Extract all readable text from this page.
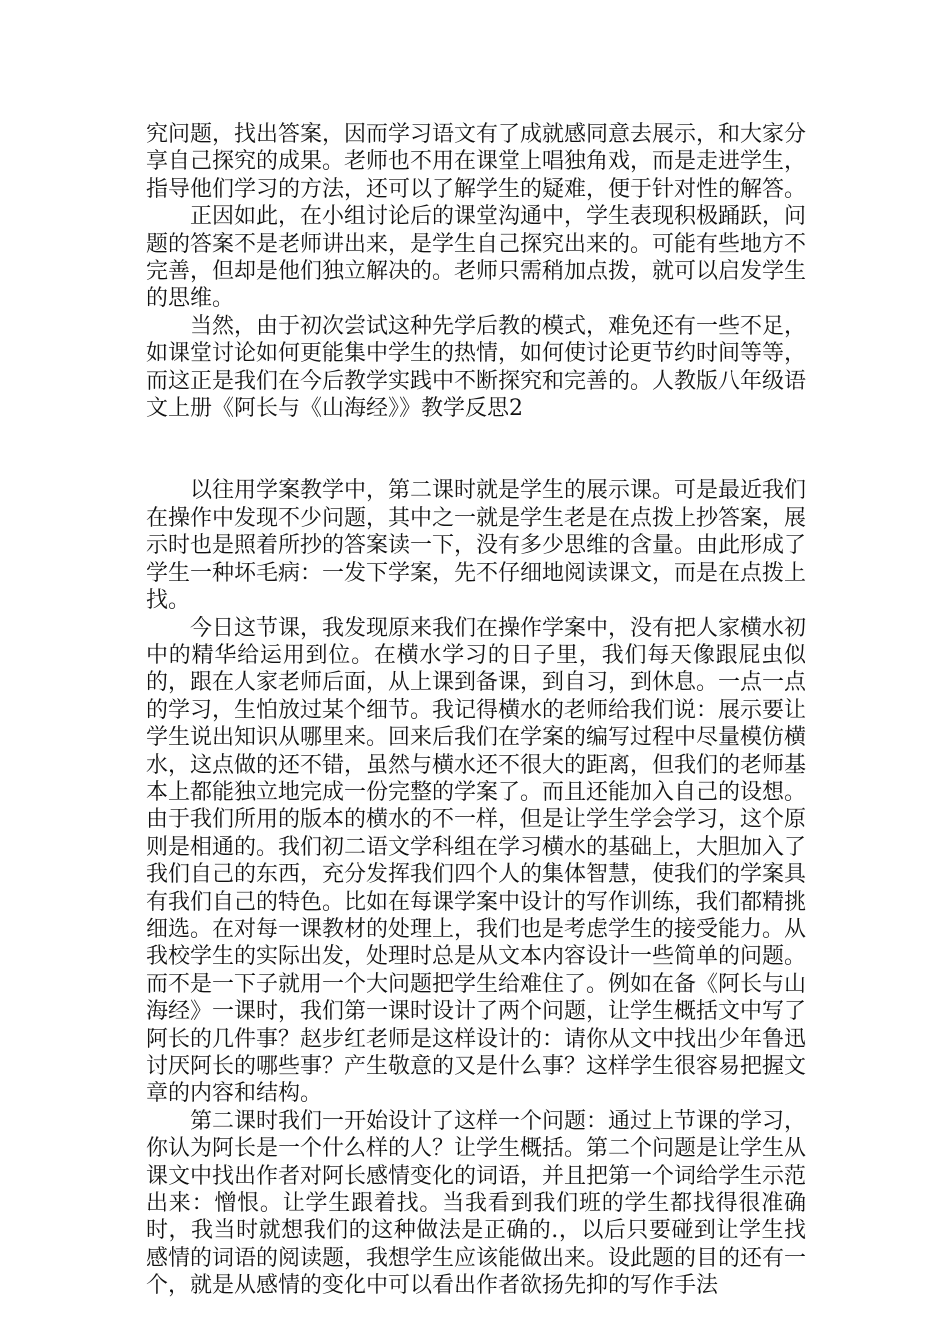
究问题，找出答案，因而学习语文有了成就感同意去展示，和大家分享自己探究的成果。老师也不用在课堂上唱独角戏，而是走进学生，指导他们学习的方法，还可以了解学生的疑难，便于针对性的解答。

正因如此，在小组讨论后的课堂沟通中，学生表现积极踊跃，问题的答案不是老师讲出来，是学生自己探究出来的。可能有些地方不完善，但却是他们独立解决的。老师只需稍加点拨，就可以启发学生的思维。

当然，由于初次尝试这种先学后教的模式，难免还有一些不足，如课堂讨论如何更能集中学生的热情，如何使讨论更节约时间等等，而这正是我们在今后教学实践中不断探究和完善的。人教版八年级语文上册《阿长与《山海经》》教学反思2

以往用学案教学中，第二课时就是学生的展示课。可是最近我们在操作中发现不少问题，其中之一就是学生老是在点拨上抄答案，展示时也是照着所抄的答案读一下，没有多少思维的含量。由此形成了学生一种坏毛病：一发下学案，先不仔细地阅读课文，而是在点拨上找。

今日这节课，我发现原来我们在操作学案中，没有把人家横水初中的精华给运用到位。在横水学习的日子里，我们每天像跟屁虫似的，跟在人家老师后面，从上课到备课，到自习，到休息。一点一点的学习，生怕放过某个细节。我记得横水的老师给我们说：展示要让学生说出知识从哪里来。回来后我们在学案的编写过程中尽量模仿横水，这点做的还不错，虽然与横水还不很大的距离，但我们的老师基本上都能独立地完成一份完整的学案了。而且还能加入自己的设想。由于我们所用的版本的横水的不一样，但是让学生学会学习，这个原则是相通的。我们初二语文学科组在学习横水的基础上，大胆加入了我们自己的东西，充分发挥我们四个人的集体智慧，使我们的学案具有我们自己的特色。比如在每课学案中设计的写作训练，我们都精挑细选。在对每一课教材的处理上，我们也是考虑学生的接受能力。从我校学生的实际出发，处理时总是从文本内容设计一些简单的问题。而不是一下子就用一个大问题把学生给难住了。例如在备《阿长与山海经》一课时，我们第一课时设计了两个问题，让学生概括文中写了阿长的几件事？赵步红老师是这样设计的：请你从文中找出少年鲁迅讨厌阿长的哪些事？产生敬意的又是什么事？这样学生很容易把握文章的内容和结构。

第二课时我们一开始设计了这样一个问题：通过上节课的学习，你认为阿长是一个什么样的人？让学生概括。第二个问题是让学生从课文中找出作者对阿长感情变化的词语，并且把第一个词给学生示范出来：憎恨。让学生跟着找。当我看到我们班的学生都找得很准确时，我当时就想我们的这种做法是正确的.，以后只要碰到让学生找感情的词语的阅读题，我想学生应该能做出来。设此题的目的还有一个，就是从感情的变化中可以看出作者欲扬先抑的写作手法
